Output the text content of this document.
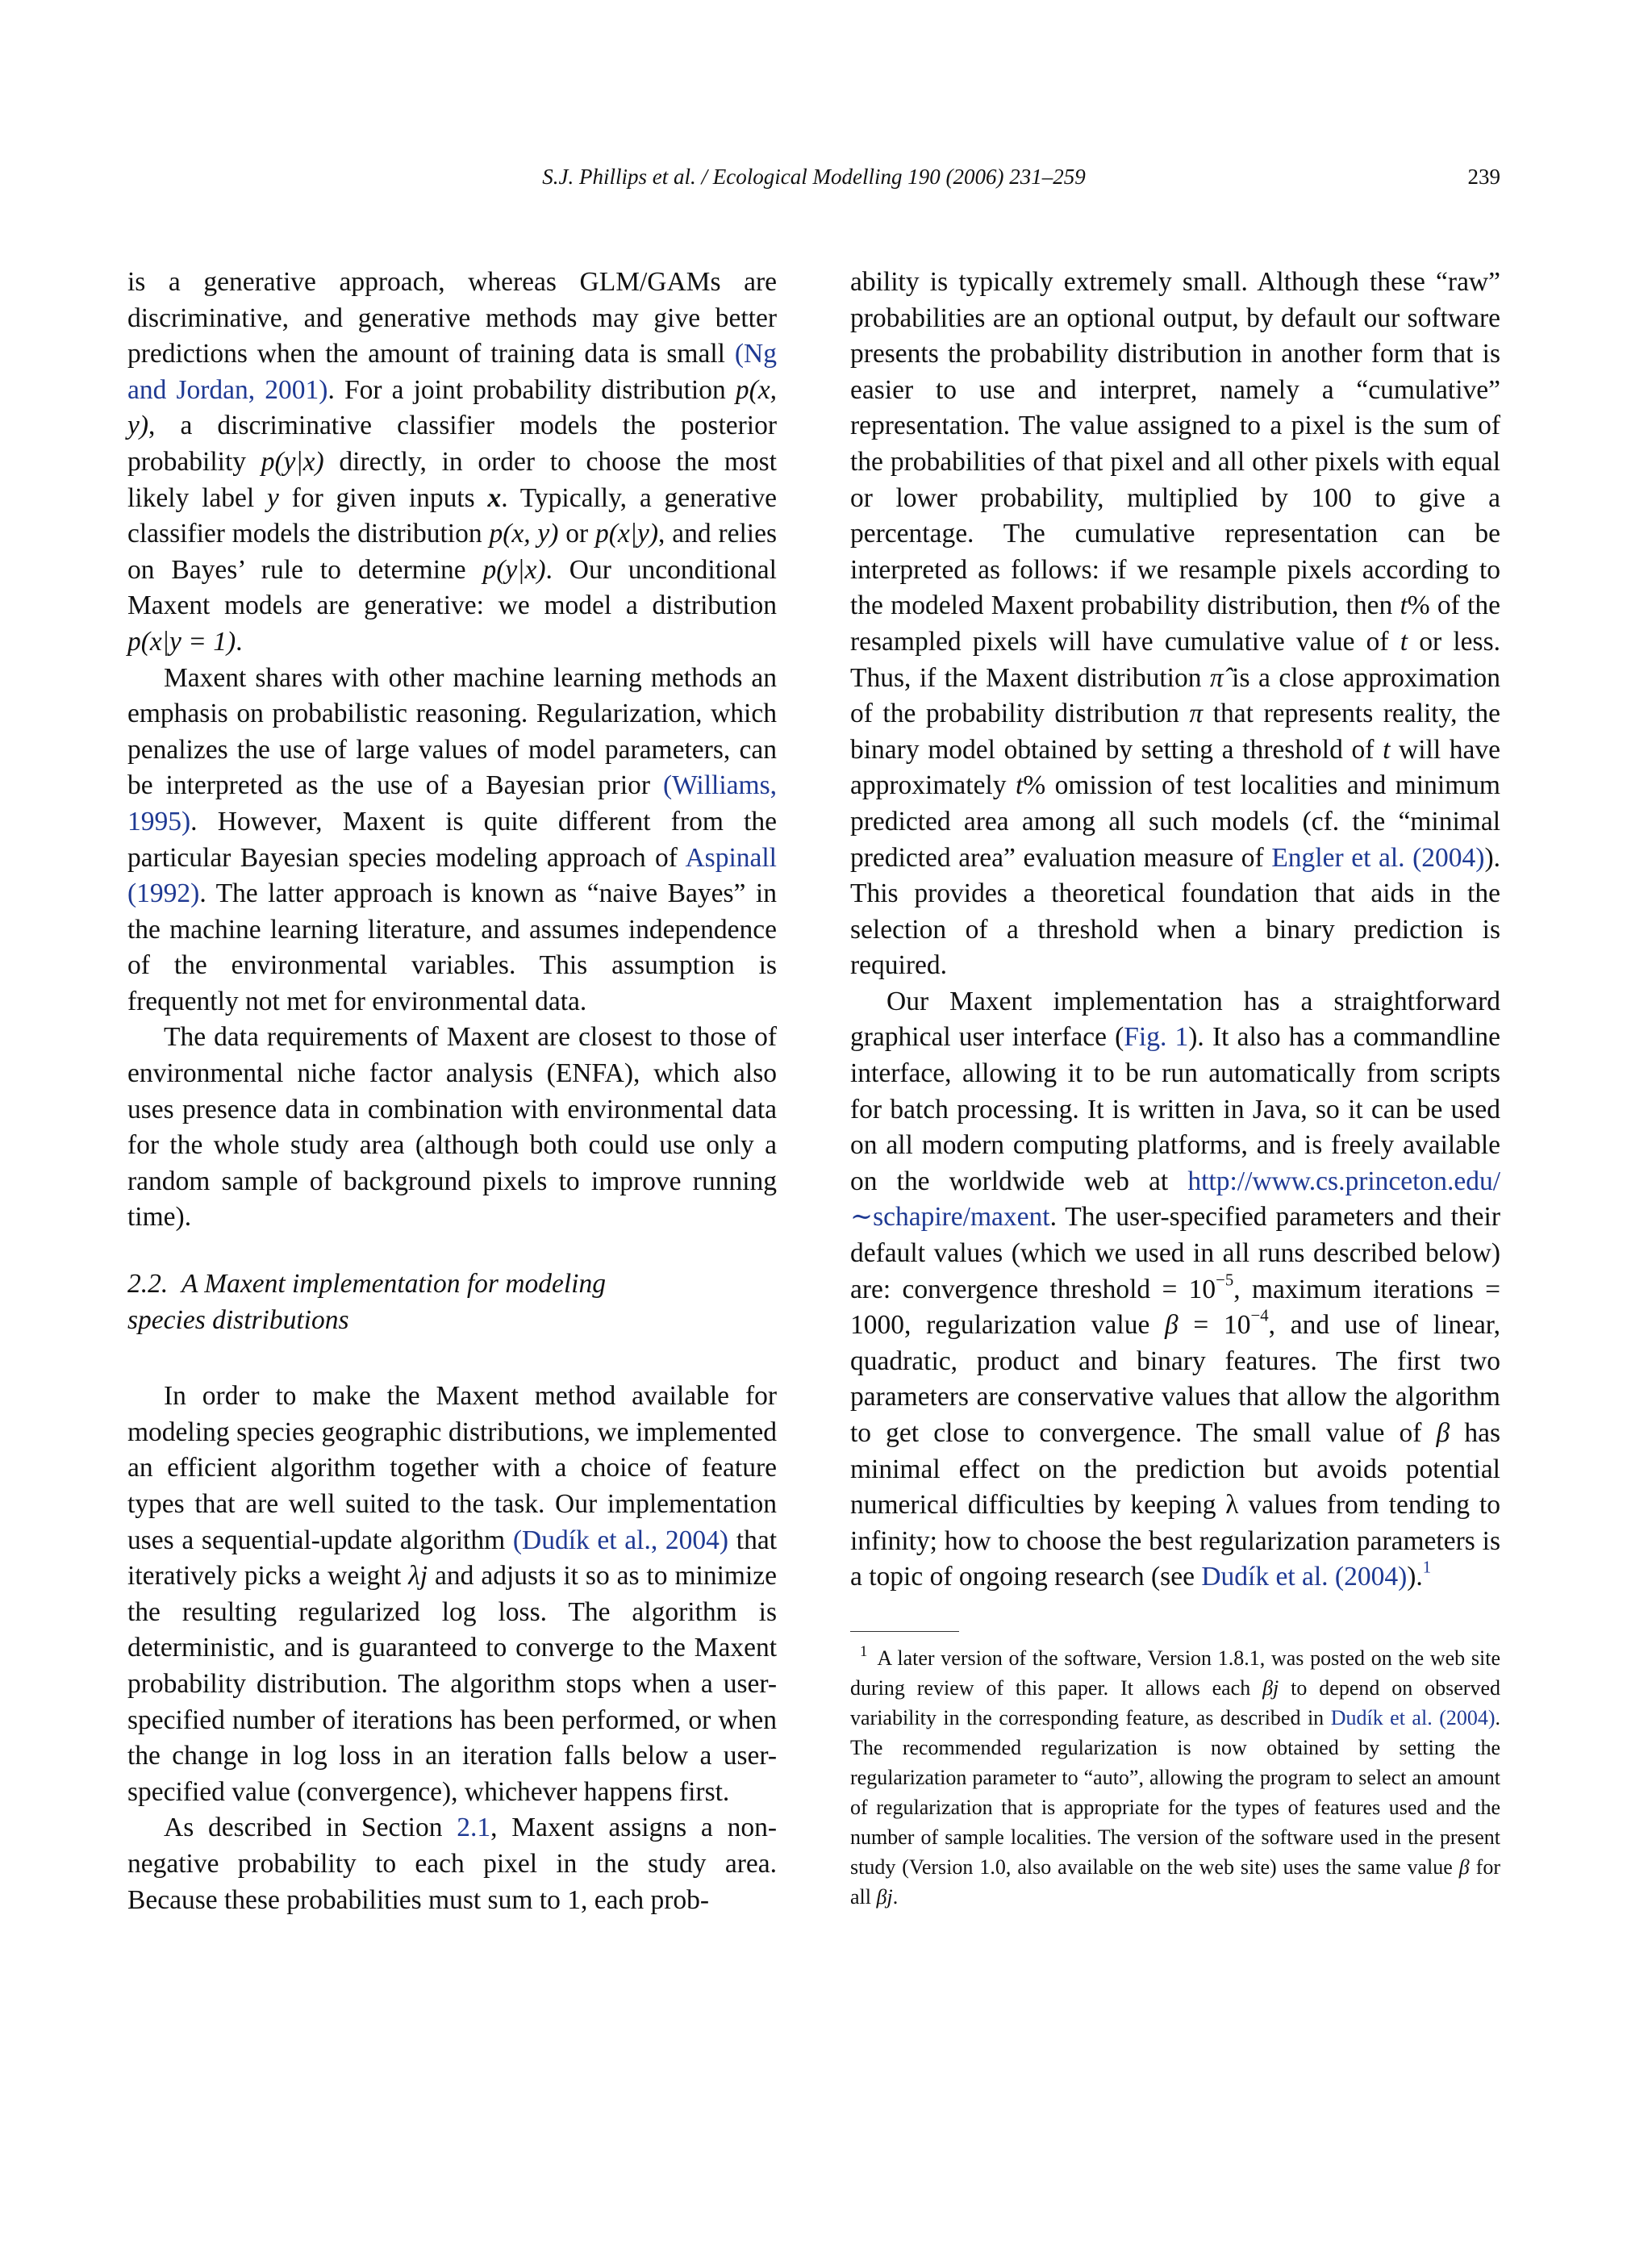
S.J. Phillips et al. / Ecological Modelling 190 (2006) 231–259	239

is a generative approach, whereas GLM/GAMs are discriminative, and generative methods may give better predictions when the amount of training data is small (Ng and Jordan, 2001). For a joint probability distribution p(x, y), a discriminative classifier models the posterior probability p(y|x) directly, in order to choose the most likely label y for given inputs x. Typically, a generative classifier models the distribution p(x, y) or p(x|y), and relies on Bayes’ rule to determine p(y|x). Our unconditional Maxent models are generative: we model a distribution p(x|y = 1).

Maxent shares with other machine learning methods an emphasis on probabilistic reasoning. Regularization, which penalizes the use of large values of model parameters, can be interpreted as the use of a Bayesian prior (Williams, 1995). However, Maxent is quite different from the particular Bayesian species modeling approach of Aspinall (1992). The latter approach is known as “naive Bayes” in the machine learning literature, and assumes independence of the environmental variables. This assumption is frequently not met for environmental data.

The data requirements of Maxent are closest to those of environmental niche factor analysis (ENFA), which also uses presence data in combination with environmental data for the whole study area (although both could use only a random sample of background pixels to improve running time).

2.2. A Maxent implementation for modeling
species distributions

In order to make the Maxent method available for modeling species geographic distributions, we implemented an efficient algorithm together with a choice of feature types that are well suited to the task. Our implementation uses a sequential-update algorithm (Dudík et al., 2004) that iteratively picks a weight λj and adjusts it so as to minimize the resulting regularized log loss. The algorithm is deterministic, and is guaranteed to converge to the Maxent probability distribution. The algorithm stops when a user-specified number of iterations has been performed, or when the change in log loss in an iteration falls below a user-specified value (convergence), whichever happens first.

As described in Section 2.1, Maxent assigns a non-negative probability to each pixel in the study area. Because these probabilities must sum to 1, each prob-

ability is typically extremely small. Although these “raw” probabilities are an optional output, by default our software presents the probability distribution in another form that is easier to use and interpret, namely a “cumulative” representation. The value assigned to a pixel is the sum of the probabilities of that pixel and all other pixels with equal or lower probability, multiplied by 100 to give a percentage. The cumulative representation can be interpreted as follows: if we resample pixels according to the modeled Maxent probability distribution, then t% of the resampled pixels will have cumulative value of t or less. Thus, if the Maxent distribution π̂ is a close approximation of the probability distribution π that represents reality, the binary model obtained by setting a threshold of t will have approximately t% omission of test localities and minimum predicted area among all such models (cf. the “minimal predicted area” evaluation measure of Engler et al. (2004)). This provides a theoretical foundation that aids in the selection of a threshold when a binary prediction is required.

Our Maxent implementation has a straightforward graphical user interface (Fig. 1). It also has a commandline interface, allowing it to be run automatically from scripts for batch processing. It is written in Java, so it can be used on all modern computing platforms, and is freely available on the worldwide web at http://www.cs.princeton.edu/∼schapire/maxent. The user-specified parameters and their default values (which we used in all runs described below) are: convergence threshold = $10^{-5}$, maximum iterations = 1000, regularization value $\beta = 10^{-4}$, and use of linear, quadratic, product and binary features. The first two parameters are conservative values that allow the algorithm to get close to convergence. The small value of β has minimal effect on the prediction but avoids potential numerical difficulties by keeping λ values from tending to infinity; how to choose the best regularization parameters is a topic of ongoing research (see Dudík et al. (2004)).$^1$

$^1$ A later version of the software, Version 1.8.1, was posted on the web site during review of this paper. It allows each βj to depend on observed variability in the corresponding feature, as described in Dudík et al. (2004). The recommended regularization is now obtained by setting the regularization parameter to “auto”, allowing the program to select an amount of regularization that is appropriate for the types of features used and the number of sample localities. The version of the software used in the present study (Version 1.0, also available on the web site) uses the same value β for all βj.
